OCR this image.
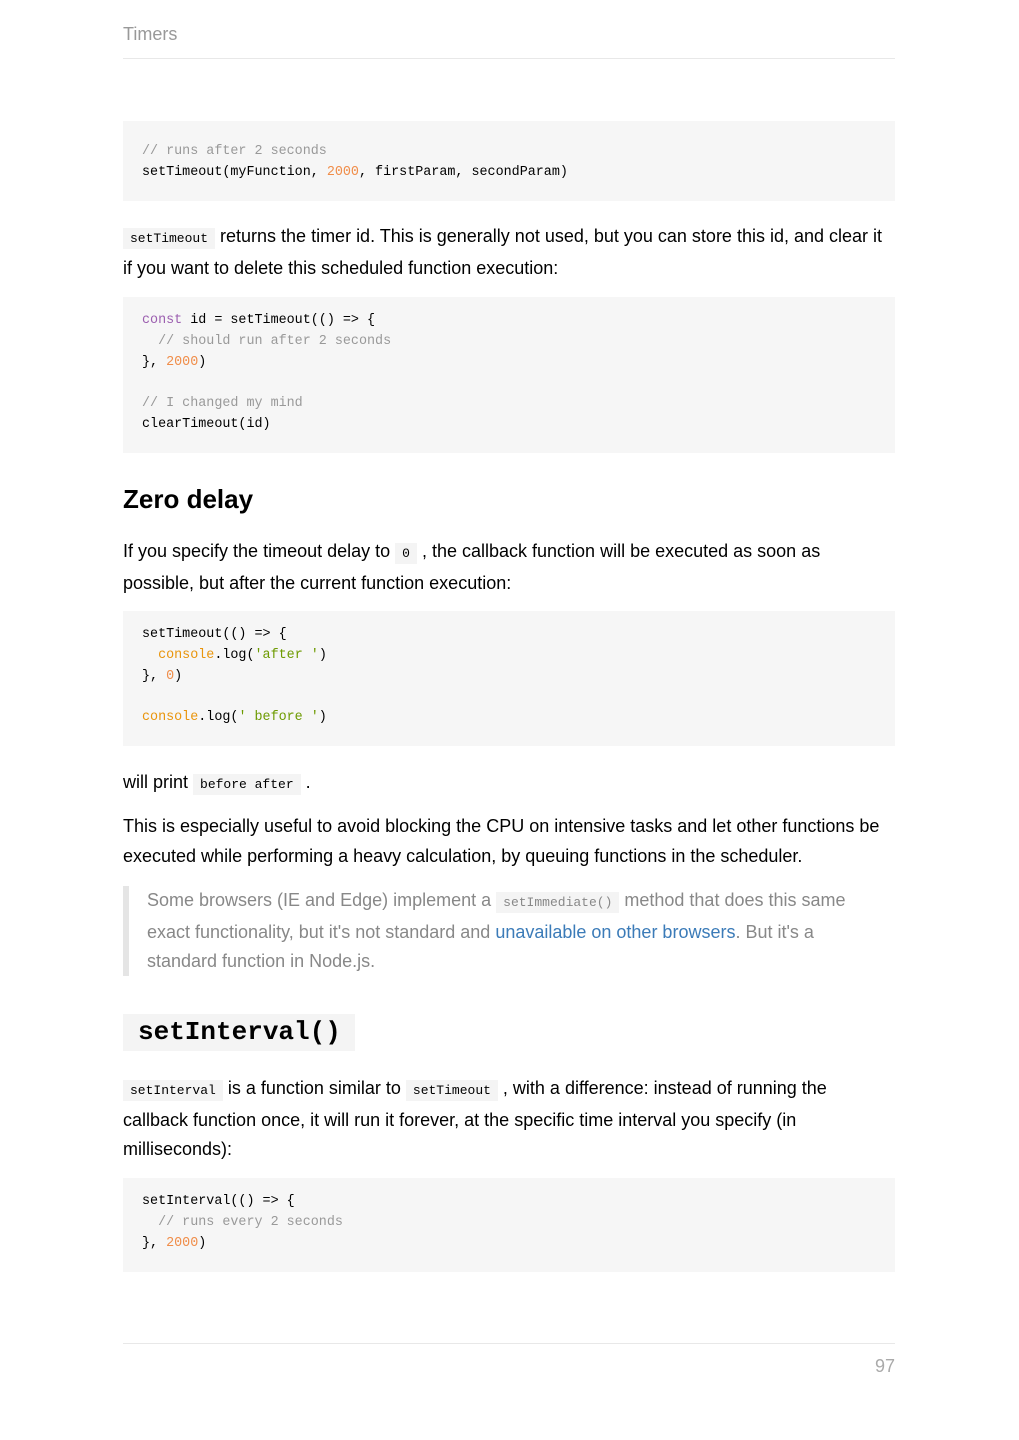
Timers
// runs after 2 seconds
setTimeout(myFunction, 2000, firstParam, secondParam)

setTimeout returns the timer id. This is generally not used, but you can store this id, and clear it if you want to delete this scheduled function execution:

const id = setTimeout(() => {
// should run after 2 seconds
}, 2000)
// I changed my mind
clearTimeout(id)
Zero delay

If you specify the timeout delay to 0 , the callback function will be executed as soon as possible, but after the current function execution:

setTimeout(() => {
console.log('after ')
}, 0)
console.log(' before ')

will print before after .

This is especially useful to avoid blocking the CPU on intensive tasks and let other functions be executed while performing a heavy calculation, by queuing functions in the scheduler.

Some browsers (IE and Edge) implement a setImmediate() method that does this same exact functionality, but it's not standard and unavailable on other browsers. But it's a standard function in Node.js.
setInterval()

setInterval is a function similar to setTimeout , with a difference: instead of running the callback function once, it will run it forever, at the specific time interval you specify (in milliseconds):

setInterval(() => {
// runs every 2 seconds
}, 2000)
97
